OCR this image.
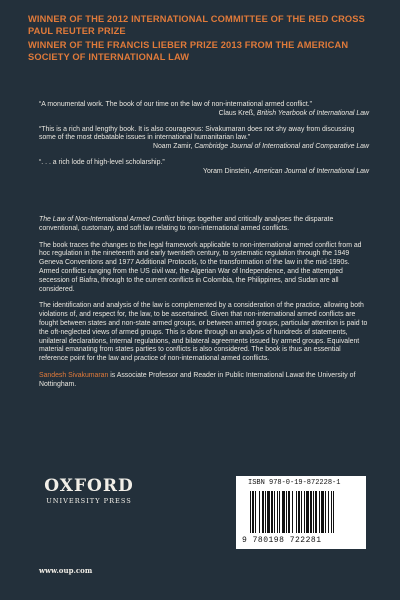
WINNER OF THE 2012 INTERNATIONAL COMMITTEE OF THE RED CROSS PAUL REUTER PRIZE
WINNER OF THE FRANCIS LIEBER PRIZE 2013 FROM THE AMERICAN SOCIETY OF INTERNATIONAL LAW

“A monumental work. The book of our time on the law of non-international armed conflict.”

Claus Kreß, British Yearbook of International Law

“This is a rich and lengthy book. It is also courageous: Sivakumaran does not shy away from discussing some of the most debatable issues in international humanitarian law.”

Noam Zamir, Cambridge Journal of International and Comparative Law

“. . . a rich lode of high-level scholarship.”

Yoram Dinstein, American Journal of International Law

The Law of Non-International Armed Conflict brings together and critically analyses the disparate conventional, customary, and soft law relating to non-international armed conflicts.

The book traces the changes to the legal framework applicable to non-international armed conflict from ad hoc regulation in the nineteenth and early twentieth century, to systematic regulation through the 1949 Geneva Conventions and 1977 Additional Protocols, to the transformation of the law in the mid-1990s. Armed conflicts ranging from the US civil war, the Algerian War of Independence, and the attempted secession of Biafra, through to the current conflicts in Colombia, the Philippines, and Sudan are all considered.

The identification and analysis of the law is complemented by a consideration of the practice, allowing both violations of, and respect for, the law, to be ascertained. Given that non-international armed conflicts are fought between states and non-state armed groups, or between armed groups, particular attention is paid to the oft-neglected views of armed groups. This is done through an analysis of hundreds of statements, unilateral declarations, internal regulations, and bilateral agreements issued by armed groups. Equivalent material emanating from states parties to conflicts is also considered. The book is thus an essential reference point for the law and practice of non-international armed conflicts.

Sandesh Sivakumaran is Associate Professor and Reader in Public International Lawat the University of Nottingham.

OXFORD
UNIVERSITY PRESS
www.oup.com
ISBN 978-0-19-872228-1
9 780198 722281
